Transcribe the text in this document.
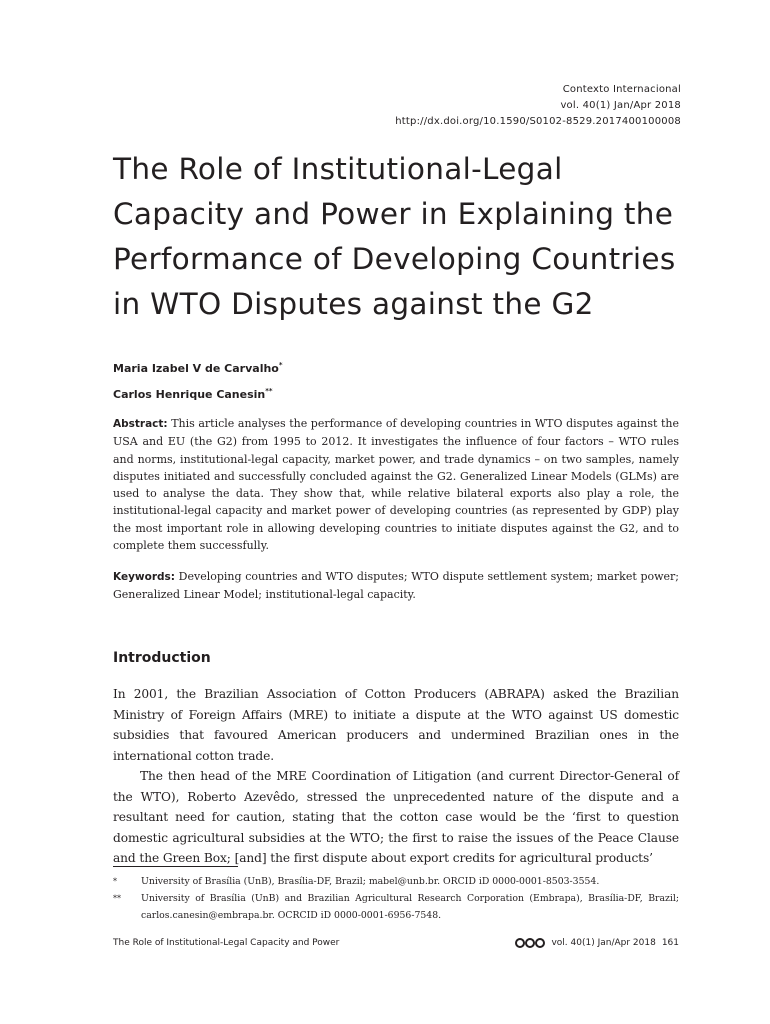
Contexto Internacional
vol. 40(1) Jan/Apr 2018
http://dx.doi.org/10.1590/S0102-8529.2017400100008
The Role of Institutional-Legal
Capacity and Power in Explaining the
Performance of Developing Countries
in WTO Disputes against the G2
Maria Izabel V de Carvalho*
Carlos Henrique Canesin**

Abstract: This article analyses the performance of developing countries in WTO disputes against the USA and EU (the G2) from 1995 to 2012. It investigates the influence of four factors – WTO rules and norms, institutional-legal capacity, market power, and trade dynamics – on two samples, namely disputes initiated and successfully concluded against the G2. Generalized Linear Models (GLMs) are used to analyse the data. They show that, while relative bilateral exports also play a role, the institutional-legal capacity and market power of developing countries (as represented by GDP) play the most important role in allowing developing countries to initiate disputes against the G2, and to complete them successfully.

Keywords: Developing countries and WTO disputes; WTO dispute settlement system; market power; Generalized Linear Model; institutional-legal capacity.

Introduction

In 2001, the Brazilian Association of Cotton Producers (ABRAPA) asked the Brazilian Ministry of Foreign Affairs (MRE) to initiate a dispute at the WTO against US domestic subsidies that favoured American producers and undermined Brazilian ones in the international cotton trade.

The then head of the MRE Coordination of Litigation (and current Director-General of the WTO), Roberto Azevêdo, stressed the unprecedented nature of the dispute and a resultant need for caution, stating that the cotton case would be the ‘first to question domestic agricultural subsidies at the WTO; the first to raise the issues of the Peace Clause and the Green Box; [and] the first dispute about export credits for agricultural products’

*	University of Brasília (UnB), Brasília-DF, Brazil; mabel@unb.br. ORCID iD 0000-0001-8503-3554.
** University of Brasília (UnB) and Brazilian Agricultural Research Corporation (Embrapa), Brasília-DF, Brazil; carlos.canesin@embrapa.br. OCRCID iD 0000-0001-6956-7548.
The Role of Institutional-Legal Capacity and Power	vol. 40(1) Jan/Apr 2018 161
